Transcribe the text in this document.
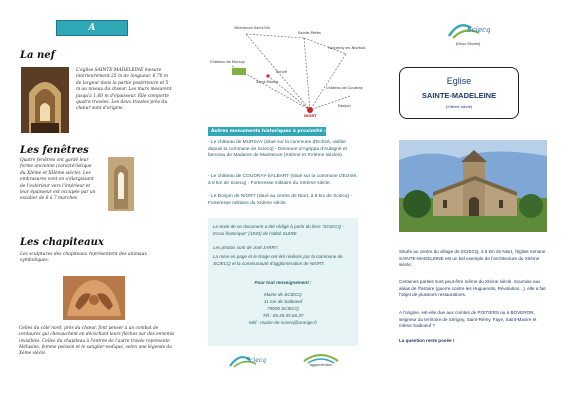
A L'INTERIEUR
La nef
L'église SAINTE-MADELEINE mesure intérieurement 25 m de longueur, 6,70 m de largeur dans la partie postérieure et 5 m au niveau du chœur. Les murs mesurent jusqu'à 1,60 m d'épaisseur. Elle comporte quatre travées. Les deux travées près du chœur sont d'origine.
Les fenêtres
Quatre fenêtres ont gardé leur forme ancienne (caractéristique du XIème et XIIème siècle). Les embrasures vont en s'élargissant de l'extérieur vers l'intérieur et leur épaisseur est occupée par un escalier de 6 à 7 marches
Les chapiteaux
Les sculptures des chapiteaux représentent des animaux symboliques.
Celles du côté nord, près du chœur, font penser à un combat de centaures qui chevauchent en décochant leurs flèches sur des ennemis invisibles. Celles du chapiteau à l'entrée de l'autre travée représente Mélusine, femme poisson et le sanglier-vedique, selon une légende du Xème siècle.
Villeneuve-Saint-Vin
Sainte-Péréa
Fontenay-en-Niortais
Château de Mursay
Saint-Maxire
Echiré
Château de Coudray
NIORT
Donjon
Autres monuments historiques à proximité :
- Le château de MURSAY (situé sur la commune d'Echiré, visible depuis la commune de Sciecq) - Demeure d'Agrippa d'Aubigné et berceau de Madame de Maintenon (XIIème et XVIème siècles).
- Le château de COUDRAY-SALBART (situé sur la commune d'Echiré, à 8 km de Sciecq) - Forteresse militaire du XIIIème siècle.
- Le Donjon de NIORT (situé au centre de Niort, à 8 km de Sciecq) - Forteresse militaire du XIIème siècle.
Le texte de ce document a été rédigé à partir du livre "SCIECQ - Essai historique" (1933) de l'abbé SUIRE
Les photos sont de Joël JARRY.
La mise en page et le tirage ont été réalisés par la commune de SCIECQ et la communauté d'agglomération de NIORT.
Pour tout renseignement :
Mairie de SCIECQ
11 rue de Saiboeuf
79000 SCIECQ
Tél : 05.49.35.66.37
Mél : mairie-de-sciecq@orange.fr
Sciecq
agglomération
Sciecq
(Deux-Sèvres)
Eglise
SAINTE-MADELEINE
(XIIème siècle)
Située au centre du village de SCIECQ, à 8 km de Niort, l'église romane SAINTE-MADELEINE est un bel exemple de l'architecture du XIIème siècle.
Certaines parties sont peut-être même du XIème siècle. Soumise aux aléas de l'histoire (guerre contre les Huguenots, Révolution...), elle a fait l'objet de plusieurs restaurations.
A l'origine, est-elle due aux comtes de POITIERS ou à BOVERON, seigneur du territoire de Sérigny, Saint-Rémy, Faye, Saint-Maxire et même Saiboeuf ?
La question reste posée !
